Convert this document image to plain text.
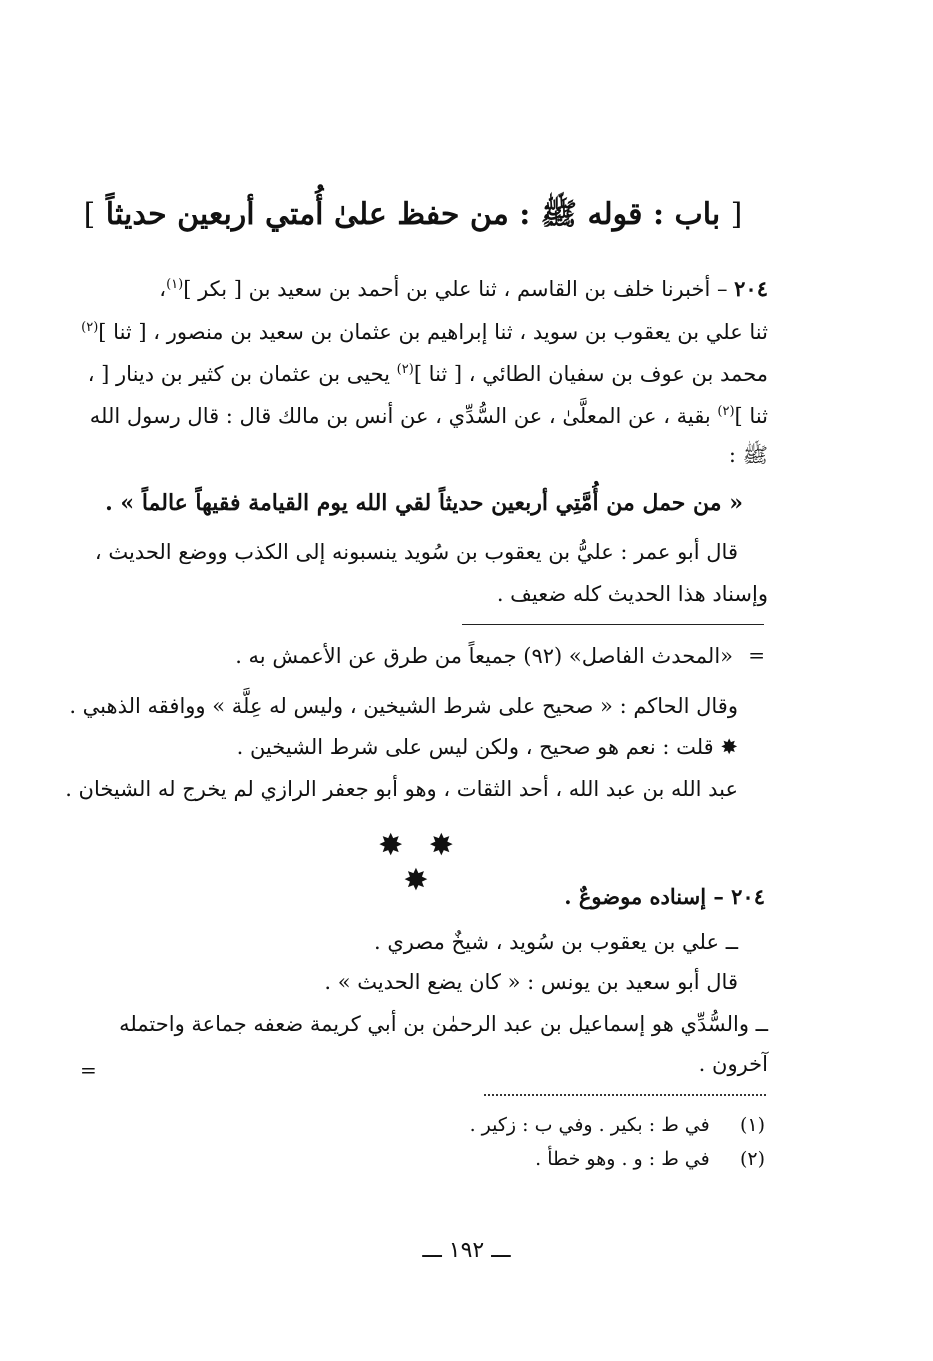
[ باب : قوله ﷺ : من حفظ علىٰ أُمتي أربعين حديثاً ]
٢٠٤ – أخبرنا خلف بن القاسم ، ثنا علي بن أحمد بن سعيد بن [ بكر ]$^{(١)}$،
ثنا علي بن يعقوب بن سويد ، ثنا إبراهيم بن عثمان بن سعيد بن منصور ، [ ثنا ]$^{(٢)}$
محمد بن عوف بن سفيان الطائي ، [ ثنا ]$^{(٢)}$ يحيى بن عثمان بن كثير بن دينار [ ،
ثنا ]$^{(٢)}$ بقية ، عن المعلَّىٰ ، عن السُّدِّي ، عن أنس بن مالك قال : قال رسول الله
ﷺ :
« من حمل من أُمَّتِي أربعين حديثاً لقي الله يوم القيامة فقيهاً عالماً » .
قال أبو عمر : عليُّ بن يعقوب بن سُويد ينسبونه إلى الكذب ووضع الحديث ،
وإسناد هذا الحديث كله ضعيف .
=
«المحدث الفاصل» (٩٢) جميعاً من طرق عن الأعمش به .
وقال الحاكم : « صحيح على شرط الشيخين ، وليس له عِلَّة » ووافقه الذهبي .
✸ قلت : نعم هو صحيح ، ولكن ليس على شرط الشيخين .
عبد الله بن عبد الله ، أحد الثقات ، وهو أبو جعفر الرازي لم يخرج له الشيخان .
✸ ✸ ✸	٢٠٤ – إسناده موضوعٌ .
ــ علي بن يعقوب بن سُويد ، شيخٌ مصري .
قال أبو سعيد بن يونس : « كان يضع الحديث » .
ــ والسُّدِّي هو إسماعيل بن عبد الرحمٰن بن أبي كريمة ضعفه جماعة واحتمله
آخرون .
=
(١)     في ط : بكير . وفي ب : زكير .
(٢)     في ط : و . وهو خطأ .
ـــ ١٩٢ ـــ
